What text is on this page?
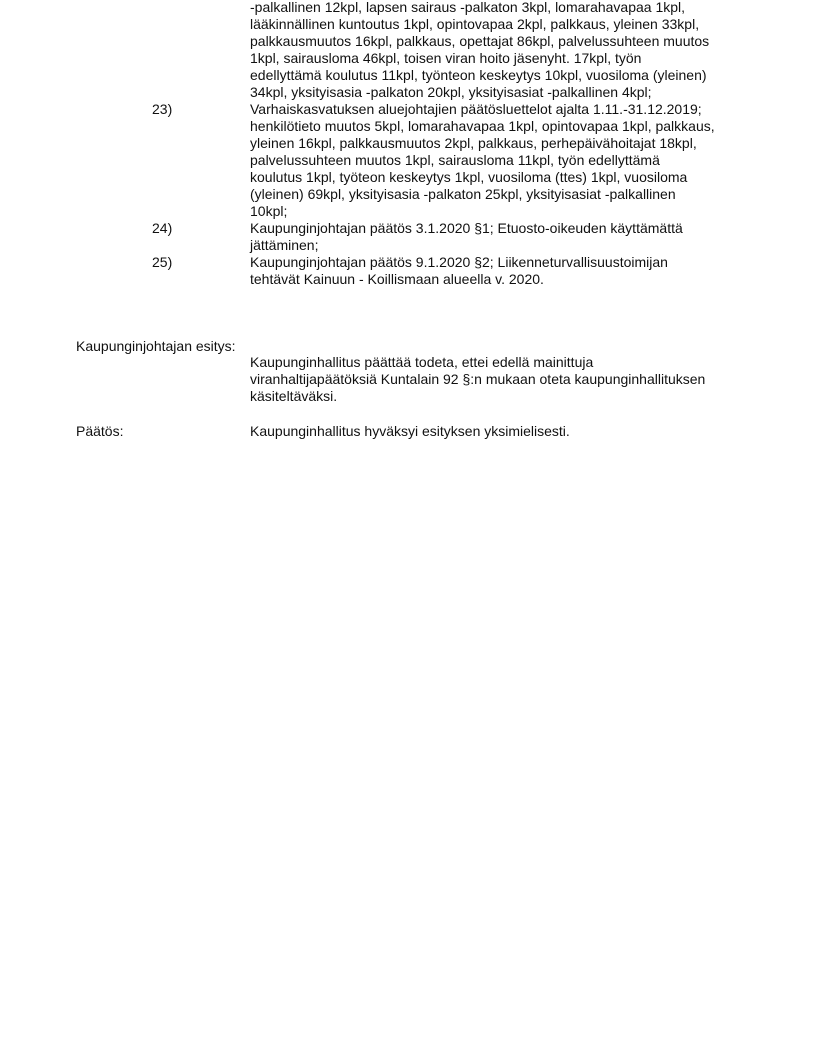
-palkallinen 12kpl, lapsen sairaus -palkaton 3kpl, lomarahavapaa 1kpl,

lääkinnällinen kuntoutus 1kpl, opintovapaa 2kpl, palkkaus, yleinen 33kpl,

palkkausmuutos 16kpl, palkkaus, opettajat 86kpl, palvelussuhteen muutos

1kpl, sairausloma 46kpl, toisen viran hoito jäsenyht. 17kpl, työn

edellyttämä koulutus 11kpl, työnteon keskeytys 10kpl, vuosiloma (yleinen)

34kpl, yksityisasia -palkaton 20kpl, yksityisasiat -palkallinen 4kpl;

23)	Varhaiskasvatuksen aluejohtajien päätösluettelot ajalta 1.11.-31.12.2019;

henkilötieto muutos 5kpl, lomarahavapaa 1kpl, opintovapaa 1kpl, palkkaus,

yleinen 16kpl, palkkausmuutos 2kpl, palkkaus, perhepäivähoitajat 18kpl,

palvelussuhteen muutos 1kpl, sairausloma 11kpl, työn edellyttämä

koulutus 1kpl, työteon keskeytys 1kpl, vuosiloma (ttes) 1kpl, vuosiloma

(yleinen) 69kpl, yksityisasia -palkaton 25kpl, yksityisasiat -palkallinen

10kpl;

24)	Kaupunginjohtajan päätös 3.1.2020 §1; Etuosto-oikeuden käyttämättä

jättäminen;

25)	Kaupunginjohtajan päätös 9.1.2020 §2; Liikenneturvallisuustoimijan

tehtävät Kainuun - Koillismaan alueella v. 2020.

Kaupunginjohtajan esitys:

Kaupunginhallitus päättää todeta, ettei edellä mainittuja

viranhaltijapäätöksiä Kuntalain 92 §:n mukaan oteta kaupunginhallituksen

käsiteltäväksi.

Päätös:	Kaupunginhallitus hyväksyi esityksen yksimielisesti.
